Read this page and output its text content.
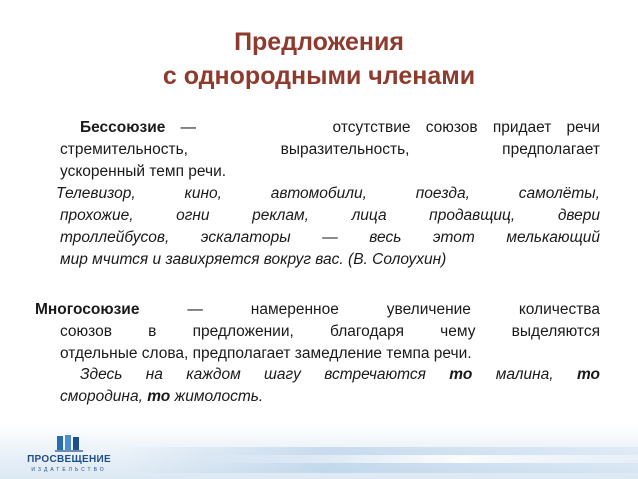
Предложения
с однородными членами
Бессоюзие —	отсутствие союзов придает речи
стремительность, выразительность, предполагает
ускоренный темп речи.
Телевизор, кино, автомобили, поезда, самолёты,
прохожие, огни реклам, лица продавщиц, двери
троллейбусов, эскалаторы — весь этот мелькающий
мир мчится и завихряется вокруг вас. (В. Солоухин)
Многосоюзие — намеренное увеличение количества
союзов в предложении, благодаря чему выделяются
отдельные слова, предполагает замедление темпа речи.
Здесь на каждом шагу встречаются то малина, то
смородина, то жимолость.
ПРОСВЕЩЕНИЕ
ИЗДАТЕЛЬСТВО
